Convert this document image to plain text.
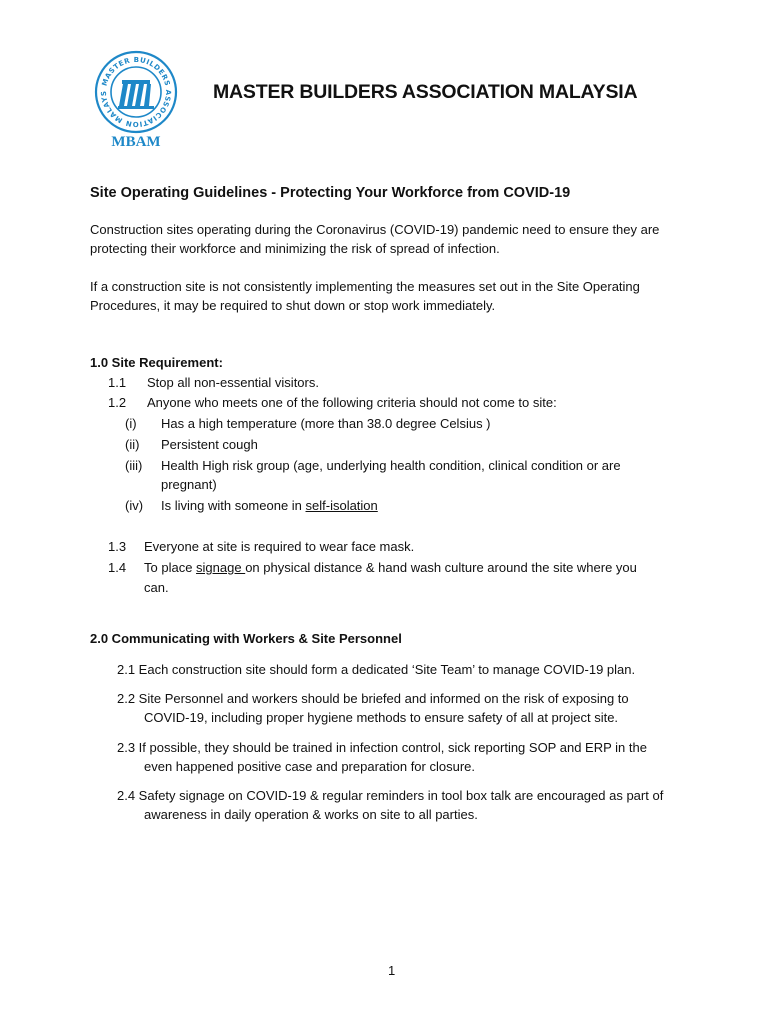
MASTER BUILDERS ASSOCIATION MALAYS
MBAM
MASTER BUILDERS ASSOCIATION MALAYSIA
Site Operating Guidelines - Protecting Your Workforce from COVID-19
Construction sites operating during the Coronavirus (COVID-19) pandemic need to ensure they are
protecting their workforce and minimizing the risk of spread of infection.
If a construction site is not consistently implementing the measures set out in the Site Operating
Procedures, it may be required to shut down or stop work immediately.
1.0 Site Requirement:
1.1 Stop all non-essential visitors.
1.2 Anyone who meets one of the following criteria should not come to site:
(i) Has a high temperature (more than 38.0 degree Celsius )
(ii) Persistent cough
(iii) Health High risk group (age, underlying health condition, clinical condition or are
pregnant)
(iv) Is living with someone in self-isolation
1.3 Everyone at site is required to wear face mask.
1.4 To place signage on physical distance & hand wash culture around the site where you
can.
2.0 Communicating with Workers & Site Personnel
2.1 Each construction site should form a dedicated ‘Site Team’ to manage COVID-19 plan.
2.2 Site Personnel and workers should be briefed and informed on the risk of exposing to
COVID-19, including proper hygiene methods to ensure safety of all at project site.
2.3 If possible, they should be trained in infection control, sick reporting SOP and ERP in the
even happened positive case and preparation for closure.
2.4 Safety signage on COVID-19 & regular reminders in tool box talk are encouraged as part of
awareness in daily operation & works on site to all parties.
1
